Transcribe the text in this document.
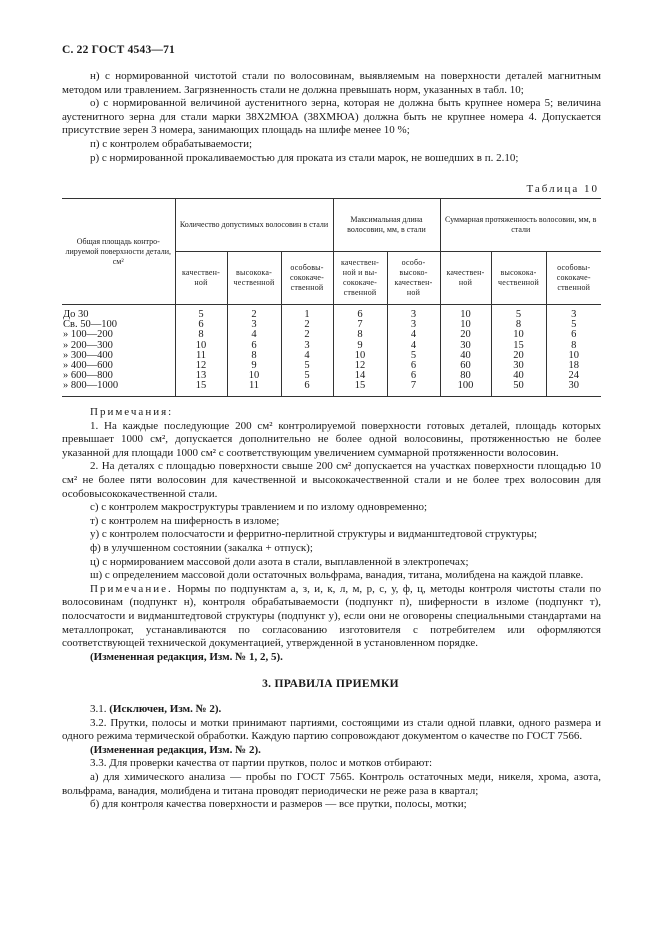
С. 22 ГОСТ 4543—71

н) с нормированной чистотой стали по волосовинам, выявляемым на поверхности деталей магнитным методом или травлением. Загрязненность стали не должна превышать норм, указанных в табл. 10;

о) с нормированной величиной аустенитного зерна, которая не должна быть крупнее номера 5; величина аустенитного зерна для стали марки 38Х2МЮА (38ХМЮА) должна быть не крупнее номера 4. Допускается присутствие зерен 3 номера, занимающих площадь на шлифе менее 10 %;

п) с контролем обрабатываемости;

р) с нормированной прокаливаемостью для проката из стали марок, не вошедших в п. 2.10;

Таблица 10
Общая площадь контро- лируемой поверхности детали, см²	Количество допустимых волосовин в стали			Максимальная длина волосовин, мм, в стали		Суммарная протяженность волосовин, мм, в стали		
	качествен- ной	высокока- чественной	особовы- сококаче- ственной	качествен- ной и вы- сококаче- ственной	особо- высоко- качествен- ной	качествен- ной	высокока- чественной	особовы- сококаче- ственной
До 30	5	2	1	6	3	10	5	3
Св. 50—100	6	3	2	7	3	10	8	5
» 100—200	8	4	2	8	4	20	10	6
» 200—300	10	6	3	9	4	30	15	8
» 300—400	11	8	4	10	5	40	20	10
» 400—600	12	9	5	12	6	60	30	18
» 600—800	13	10	5	14	6	80	40	24
» 800—1000	15	11	6	15	7	100	50	30

Примечания:

1. На каждые последующие 200 см² контролируемой поверхности готовых деталей, площадь которых превышает 1000 см², допускается дополнительно не более одной волосовины, протяженностью не более указанной для площади 1000 см² с соответствующим увеличением суммарной протяженности волосовин.

2. На деталях с площадью поверхности свыше 200 см² допускается на участках поверхности площадью 10 см² не более пяти волосовин для качественной и высококачественной стали и не более трех волосовин для особовысококачественной стали.

с) с контролем макроструктуры травлением и по излому одновременно;

т) с контролем на шиферность в изломе;

у) с контролем полосчатости и ферритно-перлитной структуры и видманштедтовой структуры;

ф) в улучшенном состоянии (закалка + отпуск);

ц) с нормированием массовой доли азота в стали, выплавленной в электропечах;

ш) с определением массовой доли остаточных вольфрама, ванадия, титана, молибдена на каждой плавке.

Примечание. Нормы по подпунктам а, з, и, к, л, м, р, с, у, ф, ц, методы контроля чистоты стали по волосовинам (подпункт н), контроля обрабатываемости (подпункт п), шиферности в изломе (подпункт т), полосчатости и видманштедтовой структуры (подпункт у), если они не оговорены специальными стандартами на металлопрокат, устанавливаются по согласованию изготовителя с потребителем или оформляются соответствующей технической документацией, утвержденной в установленном порядке.

(Измененная редакция, Изм. № 1, 2, 5).

3. ПРАВИЛА ПРИЕМКИ

3.1. (Исключен, Изм. № 2).

3.2. Прутки, полосы и мотки принимают партиями, состоящими из стали одной плавки, одного размера и одного режима термической обработки. Каждую партию сопровождают документом о качестве по ГОСТ 7566.

(Измененная редакция, Изм. № 2).

3.3. Для проверки качества от партии прутков, полос и мотков отбирают:

а) для химического анализа — пробы по ГОСТ 7565. Контроль остаточных меди, никеля, хрома, азота, вольфрама, ванадия, молибдена и титана проводят периодически не реже раза в квартал;

б) для контроля качества поверхности и размеров — все прутки, полосы, мотки;
